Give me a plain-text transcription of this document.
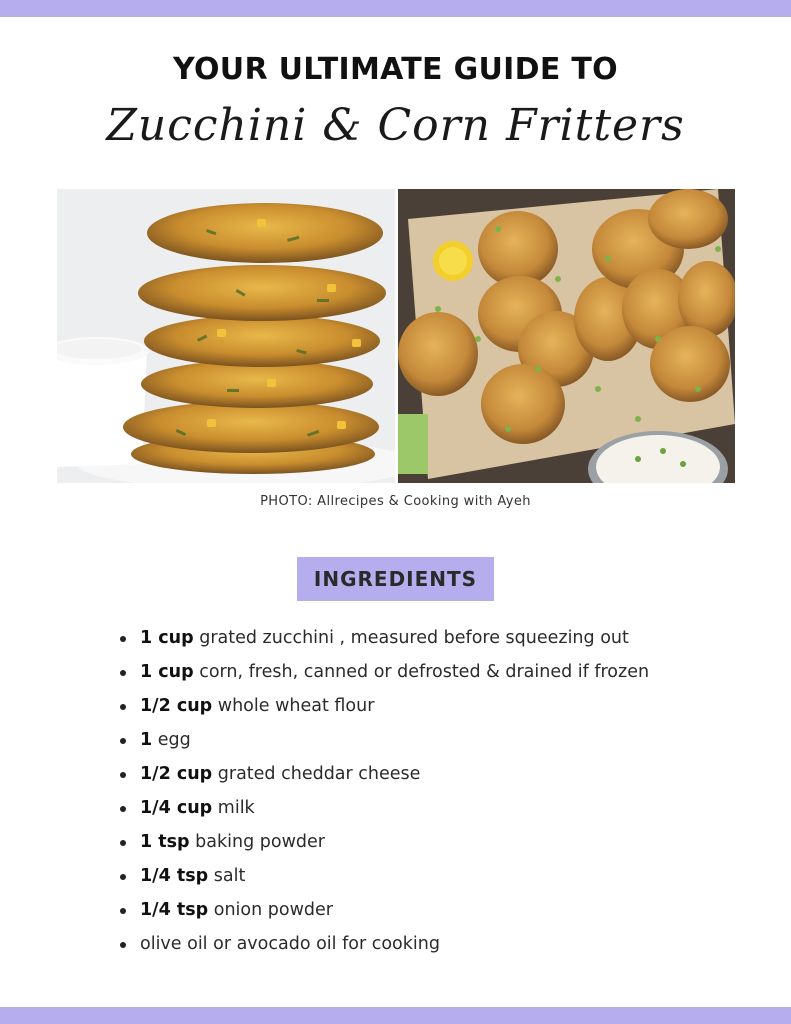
YOUR ULTIMATE GUIDE TO
Zucchini & Corn Fritters

PHOTO: Allrecipes & Cooking with Ayeh

INGREDIENTS
1 cup grated zucchini , measured before squeezing out
1 cup corn, fresh, canned or defrosted & drained if frozen
1/2 cup whole wheat flour
1 egg
1/2 cup grated cheddar cheese
1/4 cup milk
1 tsp baking powder
1/4 tsp salt
1/4 tsp onion powder
olive oil or avocado oil for cooking
